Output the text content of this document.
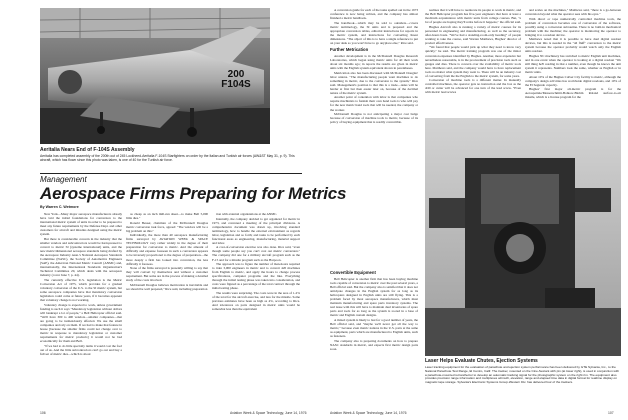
200 F104S
Aeritalia Nears End of F-104S Assembly
Aeritalia has completed assembly of the 200th out of 245 Lockheed-Aeritalia F-104S Starfighters on order by the Italian and Turkish air forces (AW&ST May 31, p. 9). This aircraft, which has flown since this photo was taken, is one of 40 for the Turkish air force.
Laser Helps Evaluate Chutes, Ejection Systems
Laser tracking equipment for the evaluation of parachute and ejection system performance has been delivered by GTE Sylvania, Inc., to the National Parachute Test Range, El Centro, Calif. The tracker, mounted on the Cine-Sextant with pin (at lower right), is used in conjunction with a parachute-mounted retroreflector to develop an automatic tracking signal for the photographic system on the right rim. The equipment also provides precision range information and multiplexes azimuth, elevation, range and elapsed time data in digital format for realtime display on magnetic tape storage. Sylvania's Electronic Systems Group-Western Div. has delivered four of the trackers.
Management
Aerospace Firms Preparing for Metrics
By Warren C. Wetmore

New York—Many major aerospace manufacturers already have laid the initial foundations for conversion to the international metric system of units in order to be prepared to meet any future requirements by the Defense Dept. and other customers for aircraft and missiles designed using the metric system.

But there is considerable concern in the industry that the smaller vendors and subcontractors would be hard-pressed to convert to metric SI (systeme international) units, and the new metric/dimensional aerospace standards being drafted by the Aerospace Industry Assn.'s National Aerospace Standards Committee (NASC), the Society of Automotive Engineers (SAE), the American National Metric Council (ANMC) and, internationally, the International Standards Organization's Technical Committee 20, which deals with the aerospace industry (cover June 7, p. 44).

The currently effective U.S. legislation is the Metric Conversion Act of 1975, which provides for a gradual voluntary conversion of the U.S. to the SI metric system, but some aerospace companies have that mandatory conversion legislation could come at future years, if it becomes apparent that voluntary change is not working.

Voluntary change is expected to work, unless government funding is such it says "Mandatory legislation without dollars will bankrupt a lot of people," a Bell Helicopter official said. "We'll have 300 to 400 vendors—smaller companies—that are going to be tremendously affected. We use the small companies and rely on them. If we had to make that feature in house [because the smaller firms could not change over to metric in response to mandatory legislation or customer requirements for metric products] it would not be bad economically for them and Bell.

"If we had to do little specialty items it would cost the fool out of us. And the little subcontractors can't go out and buy a full set of metric dies—which is about

as cheap as an inch mill-run sheet—to make Bell 5,000 little dies."

Ronald Besser, chairman of the McDonnell Douglas metric conversion task force, agreed: "The vendors will be a big problem on this."

Individually, the more than 40 aerospace manufacturing firms surveyed by AVIATION WEEK & SPACE TECHNOLOGY vary rather widely in the degree of their preparation for conversion to metric. And the amount of difficulty and expense foreseen in such a conversion appears to be inversely proportional to the degree of preparation—the more deeply a firm has looked into conversion, the less difficulty it foresees.

None of the firms surveyed is presently willing to say that they will convert by themselves and without a customer requirement. But some are in the process of making a detailed study of the costs involved.

McDonnell Douglas believes metrication is inevitable and we should be well prepared," Rice said, including preparation

tion with external organizations at the ANMC.

Internally, the company decided to get organized for metric in 1973, and convened a meeting of the principal divisions. A comprehensive document was drawn up, involving standard terminology, how to handle the external environment as regards labor, legislation and so forth; and tasks to be performed by each functional areas as engineering, manufacturing, material support and labor.

A cost-of-conversion exercise was also done. Rice said, "even though some people say you can't cost out metric conversion." The company did one for a military aircraft program such as the F-15 and for a missile program such as the Harpoon.

The approach was to figure the number of man-hours required to train 3,000 engineers in metric and to convert 420 machines from English to metric, and apply the hours to change process specifications, computer programs and the like. Everything through the initial testing phase was taken into consideration, and costs were figured as a percentage of the total contract through the initial testing phase.

The results were surprising. The costs were in the area of 1-2% of the total for the aircraft exercise, and less for the missile. Some previous estimates have been as high as 4%, according to Rice. And tolerances on parts designed in metric units would be somewhat less than the equivalent

A conversion guide for each of the tasks spelled out in the 1973 conference is now being written, and the company has almost finished a metric handbook.

The handbook—which may be sold to outsiders—covers metric terminology, the SI units and is prepared and the appropriate conversion tables, editorial instructions for reports in the metric system, and instructions for converting linear dimensions. "The object of this is to have a single reference to put on your desk so you won't have to go anyplace else," Rice said.

Further Metrication

Another development is in the McDonnell Douglas Research Laboratories, which began using metric units for all their work about six months ago; in reports the results are given in metric units with the English system equivalent shown in parentheses.

Metrication also has been discussed with McDonnell Douglas' labor unions. "The manufacturing people want machines to do something in metric, due to the conversion to the system," Rice said. Management's position is that this is a trade—tasks will be harder at first but then easier later on, because of the decimal nature of the metric system.

Another point of contention with labor is that companies who require machinists to furnish their own hand tools is who will pay for the new metric hand tools that will be needed, the company or the worker.

McDonnell Douglas is not anticipating a major cost bulge because of conversion of machine tools to metric, because of its policy of buying equipment that is readily convertible.

Convertible Equipment

Bell Helicopter is another firm that has been buying machine tools capable of conversion to metric over the past several years, a Bell official said. But the company also is satisfied that it does not anticipate changes in the English system for as long as its helicopters designed in English units are still flying. This is a problem faced by most aerospace manufacturers, which must maintain manufacturing and spare parts inventory systems. The real issue with this will have to maintain dual inventories of spare parts and tools for as long as the system is rooted in a base of metric and English custom designs.

A mixed system is likely to last for a good number of years, the Bell official said, and "maybe we'll never get all the way to metric," because even metric nations in the U.S. parts at the same as equipment, parts which are manufactured to English units, such as fasteners.

The company also is preparing documents on how to prepare NASC standards in metric, and expects first metric design parts soon.

realizes that it will have to reeducate its people to work in metric, and the Bell Helicopter program has five-year engineers that have at least a modicum acquaintance with metric units from college courses. But, "a lot of people are hoping they'll retire before it happens," the official said.

Hughes Aircraft also is running a variety of metric courses for its personnel in engineering and manufacturing, as well as the secretary, after-hours basis. "We've had a standing-room-only heading" of people wanting to take the course, said Warren Matthews, Hughes' director of product effectiveness.

"We found that people would pick up what they need to know very quickly," he said. The metric training program was one of the minor conversion expenses identified by Hughes. Another, more expensive but nevertheless reasonable, is in the procurement of precision tools such as gauges and dies. There is concern over the availability of metric tools here. Matthews said, and the company would have to have replacement tools no matter what system they went to. There will be an industry cost of converting from the the English to the metric system, for some years.

Conversion of machine tools is a different matter. In manually controlled machines, the operator gets no instruction and the box as the drill or cutter will be advanced for one turn of the lead screw. "Even with metric lead screws

and scales on the machines," Matthews said, "there is a go-between conversion beyond what the operator sees with his eyes."

With direct or tape numerically controlled machine tools, the problem of conversion becomes one of conversion of the software, possibly using a conversion subroutine. There is no built-in mechanical problem with the machine; the operator is monitoring the operator to bringing it to a readout device.

Matthews noted that it is possible to have dual digital readout devices, but this is needed in the "all fluff" conversion to the metric system because the operator probably would watch only the English units readout.

Hughes NC machinery has switched to metric English unit machines, and in one event when the operator is looking at a digital readout "We still thing he'll reading in that a number, even though he knows the unit system it represents. Numbers look the same, whether as English or in metric units.

About 10% of the Hughes Culver City facility is metric, although the company's design activities has worldwide digital readouts, and 10% of the El Segundo capacity.

Hughes' first major all-metric program is for the Aerospatiale/Messerschmitt-Bolkow-Blohm Roland surface-to-air missile, which is a license program for the

106	Aviation Week & Space Technology, June 14, 1976	Aviation Week & Space Technology, June 14, 1976	107
